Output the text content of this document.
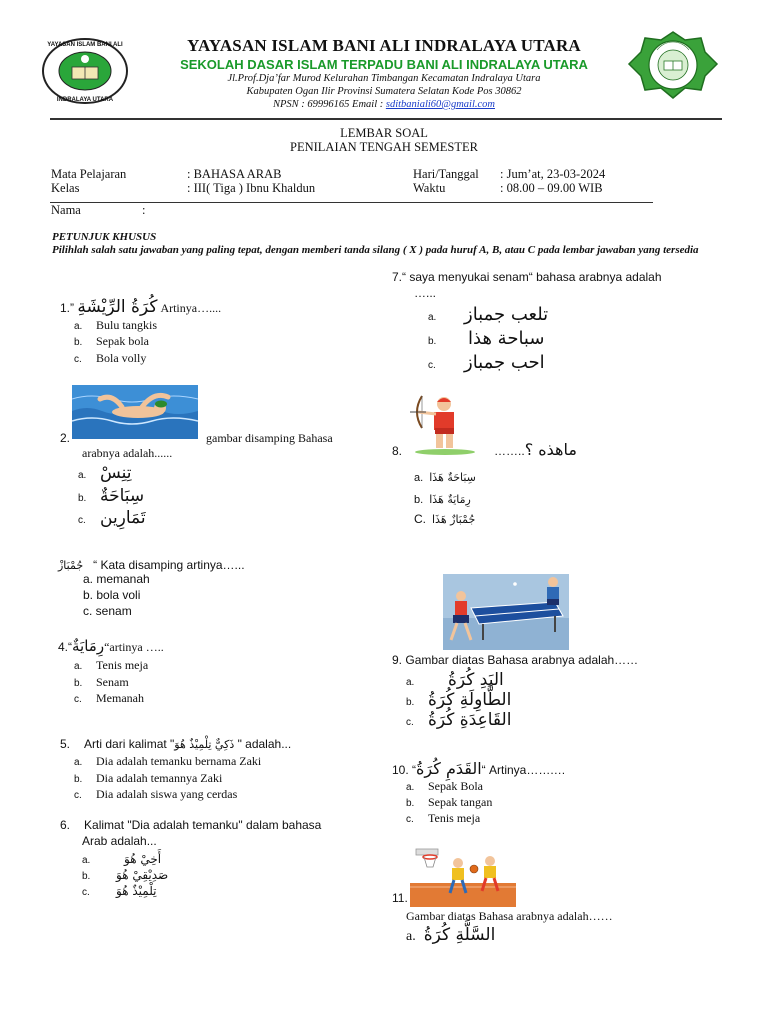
YAYASAN ISLAM BANI ALI
INDRALAYA UTARA
YAYASAN ISLAM BANI ALI INDRALAYA UTARA
SEKOLAH DASAR ISLAM TERPADU BANI ALI INDRALAYA UTARA
Jl.Prof.Dja’far Murod Kelurahan Timbangan Kecamatan Indralaya Utara
Kabupaten Ogan Ilir Provinsi Sumatera Selatan Kode Pos 30862
NPSN : 69996165 Email : sditbaniali60@gmail.com
LEMBAR SOAL
PENILAIAN TENGAH SEMESTER
Mata Pelajaran	: BAHASA ARAB
Kelas	: III( Tiga ) Ibnu Khaldun
Hari/Tanggal : Jum’at, 23-03-2024
Waktu	: 08.00 – 09.00 WIB
Nama	:
PETUNJUK KHUSUS
Pilihlah salah satu jawaban yang paling tepat, dengan memberi tanda silang ( X ) pada huruf A, B, atau C pada lembar jawaban yang tersedia
1.” كُرَةُ الرِّيْشَةِ Artinya…....
a. Bulu tangkis
b. Sepak bola
c. Bola volly
2.	gambar disamping Bahasa
arabnya adalah......
a. تِنِسْ
b. سِبَاحَةٌ
c. تَمَارِين
جُمْبَازْ “ Kata disamping artinya…...
a. memanah
b. bola voli
c. senam
4.“رِمَايَةٌ“artinya …..
a. Tenis meja
b. Senam
c. Memanah
5. Arti dari kalimat "ذَكِيٌّ تِلْمِيْذٌ هُوَ " adalah...
a. Dia adalah temanku bernama Zaki
b. Dia adalah temannya Zaki
c. Dia adalah siswa yang cerdas
6. Kalimat "Dia adalah temanku" dalam bahasa
Arab adalah...
a.	أَخِيْ هُوَ
b. صَدِيْقِيْ هُوَ
c. تِلْمِيْذٌ هُوَ
7.“ saya menyukai senam“ bahasa arabnya adalah
…...
a. تلعب جمباز
b. سباحة هذا
c. احب جمباز
8.	……..ماهذه ؟
a. سِبَاحَةٌ هَذَا
b. رِمَايَةٌ هَذَا
C. جُمْبَازٌ هَذَا
9. Gambar diatas Bahasa arabnya adalah……
a. اليَدِ كُرَةُ
b. الطَّاوِلَةِ كُرَةُ
c. القَاعِدَةِ كُرَةُ
10. “القَدَمِ كُرَةُ“ Artinya…….…
a. Sepak Bola
b. Sepak tangan
c. Tenis meja
11.
Gambar diatas Bahasa arabnya adalah……
a. السَّلَّةِ كُرَةُ
